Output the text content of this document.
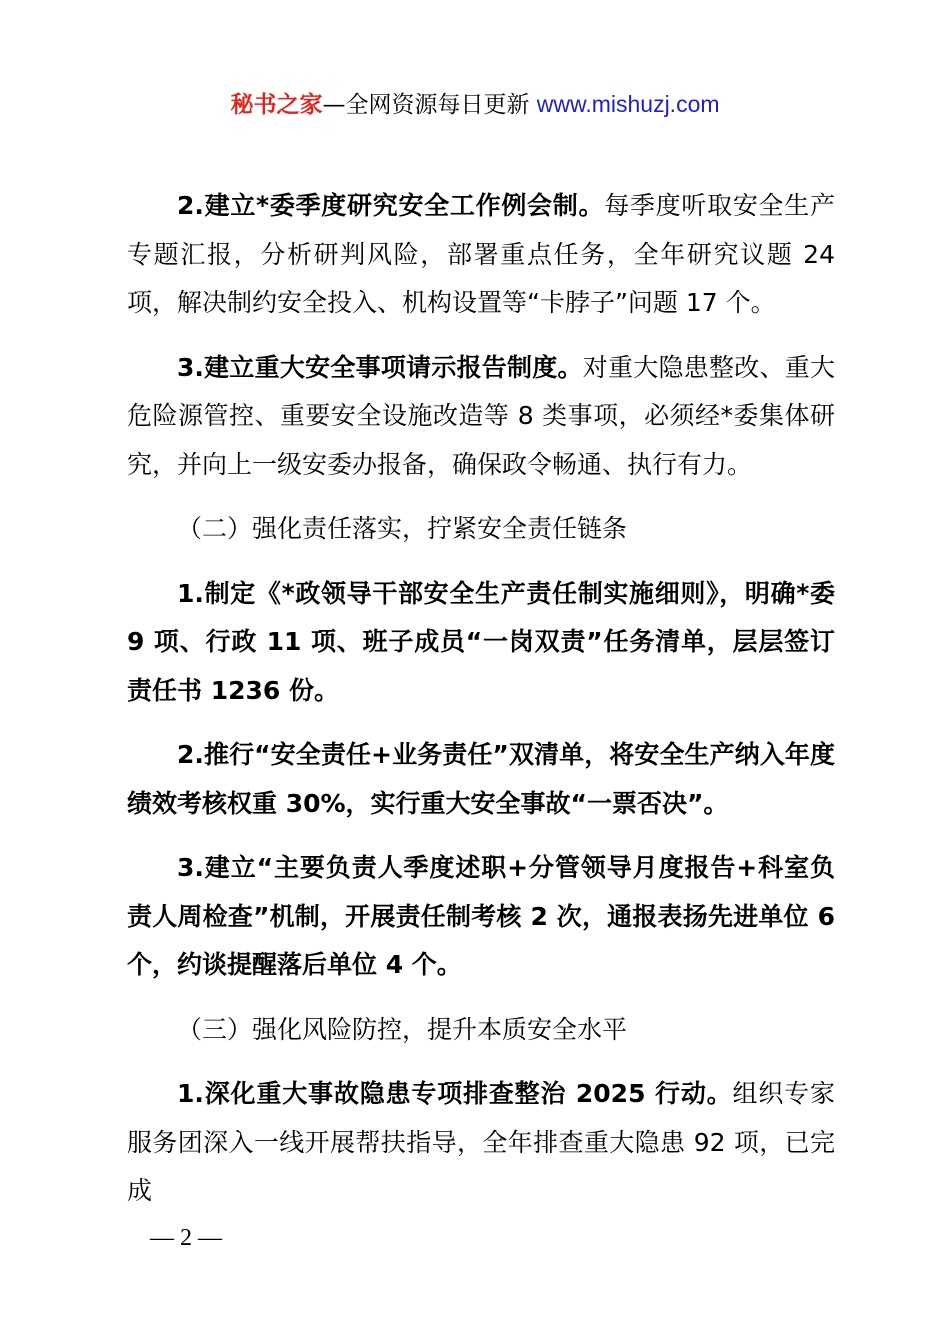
秘书之家—全网资源每日更新 www.mishuzj.com

2.建立*委季度研究安全工作例会制。每季度听取安全生产专题汇报，分析研判风险，部署重点任务，全年研究议题 24 项，解决制约安全投入、机构设置等“卡脖子”问题 17 个。

3.建立重大安全事项请示报告制度。对重大隐患整改、重大危险源管控、重要安全设施改造等 8 类事项，必须经*委集体研究，并向上一级安委办报备，确保政令畅通、执行有力。

（二）强化责任落实，拧紧安全责任链条

1.制定《*政领导干部安全生产责任制实施细则》，明确*委 9 项、行政 11 项、班子成员“一岗双责”任务清单，层层签订责任书 1236 份。

2.推行“安全责任+业务责任”双清单，将安全生产纳入年度绩效考核权重 30%，实行重大安全事故“一票否决”。

3.建立“主要负责人季度述职+分管领导月度报告+科室负责人周检查”机制，开展责任制考核 2 次，通报表扬先进单位 6 个，约谈提醒落后单位 4 个。

（三）强化风险防控，提升本质安全水平

1.深化重大事故隐患专项排查整治 2025 行动。组织专家服务团深入一线开展帮扶指导，全年排查重大隐患 92 项，已完成

— 2 —
